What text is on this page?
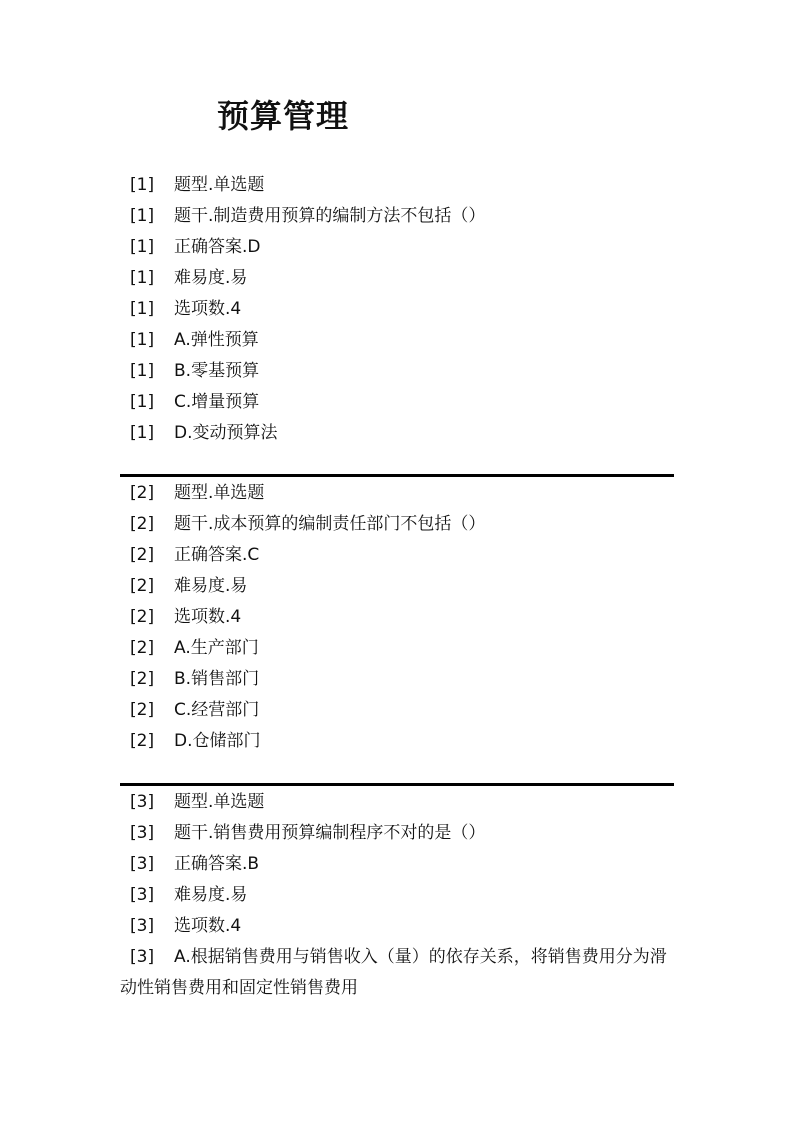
预算管理
[1] 题型.单选题
[1] 题干.制造费用预算的编制方法不包括（）
[1] 正确答案.D
[1] 难易度.易
[1] 选项数.4
[1] A.弹性预算
[1] B.零基预算
[1] C.增量预算
[1] D.变动预算法
[2] 题型.单选题
[2] 题干.成本预算的编制责任部门不包括（）
[2] 正确答案.C
[2] 难易度.易
[2] 选项数.4
[2] A.生产部门
[2] B.销售部门
[2] C.经营部门
[2] D.仓储部门
[3] 题型.单选题
[3] 题干.销售费用预算编制程序不对的是（）
[3] 正确答案.B
[3] 难易度.易
[3] 选项数.4
[3] A.根据销售费用与销售收入（量）的依存关系，将销售费用分为滑动性销售费用和固定性销售费用
